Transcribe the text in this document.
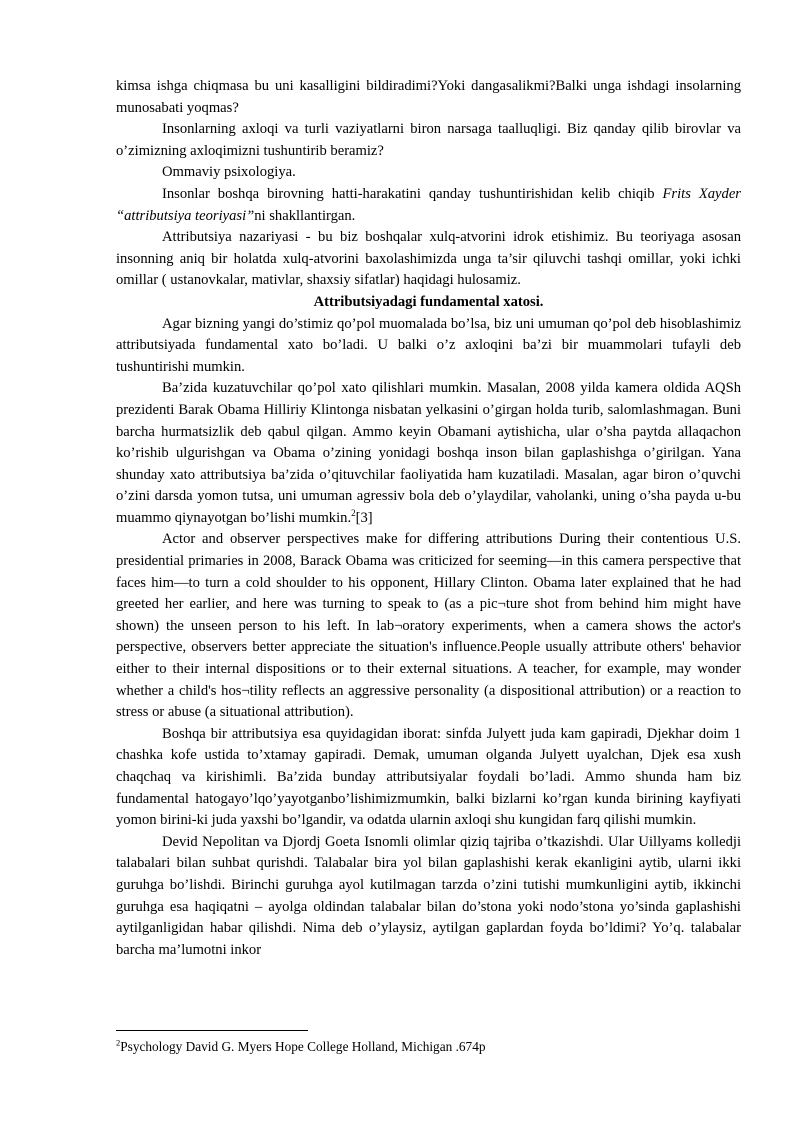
kimsa ishga chiqmasa bu uni kasalligini bildiradimi?Yoki dangasalikmi?Balki unga ishdagi insolarning munosabati yoqmas?

Insonlarning axloqi va turli vaziyatlarni biron narsaga taalluqligi. Biz qanday qilib birovlar va o’zimizning axloqimizni tushuntirib beramiz?

Ommaviy psixologiya.

Insonlar boshqa birovning hatti-harakatini qanday tushuntirishidan kelib chiqib Frits Xayder “attributsiya teoriyasi”ni shakllantirgan.

Attributsiya nazariyasi - bu biz boshqalar xulq-atvorini idrok etishimiz. Bu teoriyaga asosan insonning aniq bir holatda xulq-atvorini baxolashimizda unga ta’sir qiluvchi tashqi omillar, yoki ichki omillar ( ustanovkalar, mativlar, shaxsiy sifatlar) haqidagi hulosamiz.

Attributsiyadagi fundamental xatosi.

Agar bizning yangi do’stimiz qo’pol muomalada bo’lsa, biz uni umuman qo’pol deb hisoblashimiz attributsiyada fundamental xato bo’ladi. U balki o’z axloqini ba’zi bir muammolari tufayli deb tushuntirishi mumkin.

Ba’zida kuzatuvchilar qo’pol xato qilishlari mumkin. Masalan, 2008 yilda kamera oldida AQSh prezidenti Barak Obama Hilliriy Klintonga nisbatan yelkasini o’girgan holda turib, salomlashmagan. Buni barcha hurmatsizlik deb qabul qilgan. Ammo keyin Obamani aytishicha, ular o’sha paytda allaqachon ko’rishib ulgurishgan va Obama o’zining yonidagi boshqa inson bilan gaplashishga o’girilgan. Yana shunday xato attributsiya ba’zida o’qituvchilar faoliyatida ham kuzatiladi. Masalan, agar biron o’quvchi o’zini darsda yomon tutsa, uni umuman agressiv bola deb o’ylaydilar, vaholanki, uning o’sha payda u-bu muammo qiynayotgan bo’lishi mumkin.$^2$[3]

Actor and observer perspectives make for differing attributions During their contentious U.S. presidential primaries in 2008, Barack Obama was criticized for seeming—in this camera perspective that faces him—to turn a cold shoulder to his opponent, Hillary Clinton. Obama later explained that he had greeted her earlier, and here was turning to speak to (as a pic¬ture shot from behind him might have shown) the unseen person to his left. In lab¬oratory experiments, when a camera shows the actor's perspective, observers better appreciate the situation's influence.People usually attribute others' behavior either to their internal dispositions or to their external situations. A teacher, for example, may wonder whether a child's hos¬tility reflects an aggressive personality (a dispositional attribution) or a reaction to stress or abuse (a situational attribution).

Boshqa bir attributsiya esa quyidagidan iborat: sinfda Julyett juda kam gapiradi, Djekhar doim 1 chashka kofe ustida to’xtamay gapiradi. Demak, umuman olganda Julyett uyalchan, Djek esa xush chaqchaq va kirishimli. Ba’zida bunday attributsiyalar foydali bo’ladi. Ammo shunda ham biz fundamental hatogayo’lqo’yayotganbo’lishimizmumkin, balki bizlarni ko’rgan kunda birining kayfiyati yomon birini-ki juda yaxshi bo’lgandir, va odatda ularnin axloqi shu kungidan farq qilishi mumkin.

Devid Nepolitan va Djordj Goeta Isnomli olimlar qiziq tajriba o’tkazishdi. Ular Uillyams kolledji talabalari bilan suhbat qurishdi. Talabalar bira yol bilan gaplashishi kerak ekanligini aytib, ularni ikki guruhga bo’lishdi. Birinchi guruhga ayol kutilmagan tarzda o’zini tutishi mumkunligini aytib, ikkinchi guruhga esa haqiqatni – ayolga oldindan talabalar bilan do’stona yoki nodo’stona yo’sinda gaplashishi aytilganligidan habar qilishdi. Nima deb o’ylaysiz, aytilgan gaplardan foyda bo’ldimi? Yo’q. talabalar barcha ma’lumotni inkor

$^2$Psychology David G. Myers Hope College Holland, Michigan .674p
